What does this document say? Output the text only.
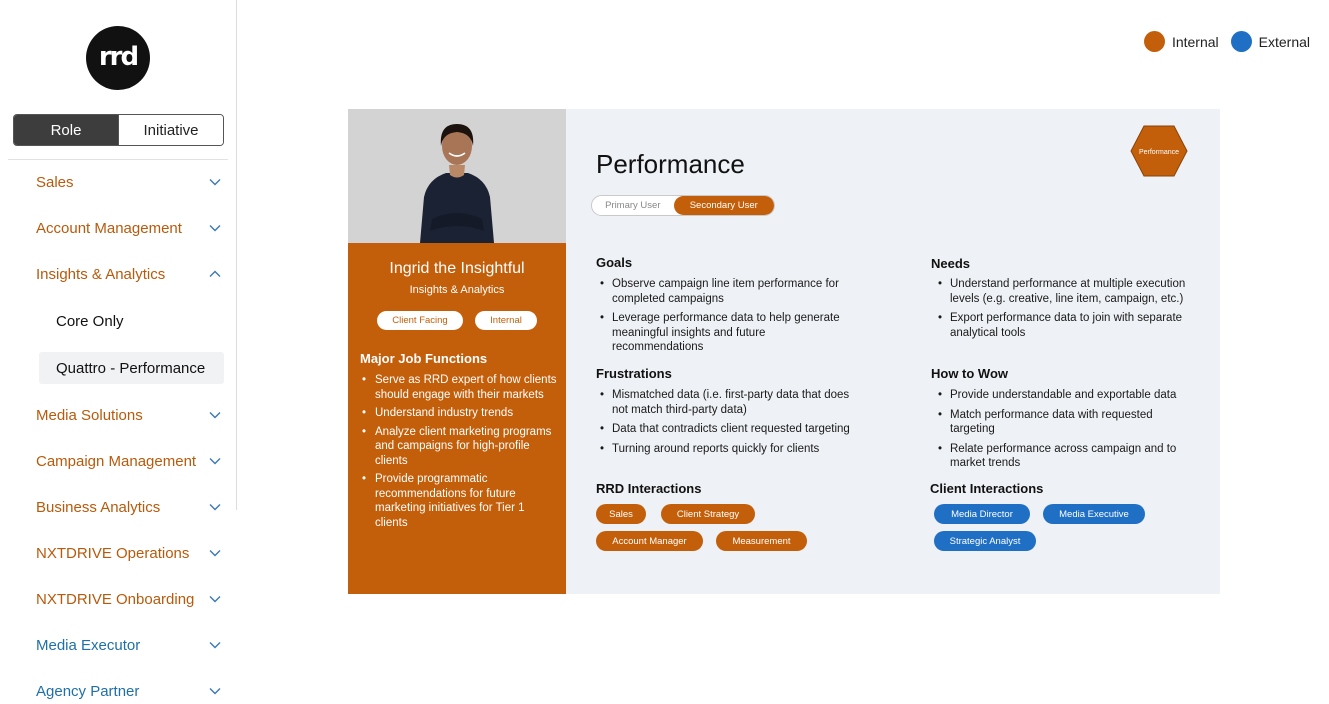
rrd
Role	Initiative
Sales
Account Management
Insights & Analytics
Core Only
Quattro - Performance
Media Solutions
Campaign Management
Business Analytics
NXTDRIVE Operations
NXTDRIVE Onboarding
Media Executor
Agency Partner
Internal	External
Ingrid the Insightful
Insights & Analytics
Client Facing	Internal
Major Job Functions
• Serve as RRD expert of how clients should engage with their markets
• Understand industry trends
• Analyze client marketing programs and campaigns for high-profile clients
• Provide programmatic recommendations for future marketing initiatives for Tier 1 clients
Performance	Performance
Primary User	Secondary User
Goals
• Observe campaign line item performance for completed campaigns
• Leverage performance data to help generate meaningful insights and future recommendations
Frustrations
• Mismatched data (i.e. first-party data that does not match third-party data)
• Data that contradicts client requested targeting
• Turning around reports quickly for clients
RRD Interactions
Sales	Client Strategy
Account Manager	Measurement
Needs
• Understand performance at multiple execution levels (e.g. creative, line item, campaign, etc.)
• Export performance data to join with separate analytical tools
How to Wow
• Provide understandable and exportable data
• Match performance data with requested targeting
• Relate performance across campaign and to market trends
Client Interactions
Media Director	Media Executive
Strategic Analyst
